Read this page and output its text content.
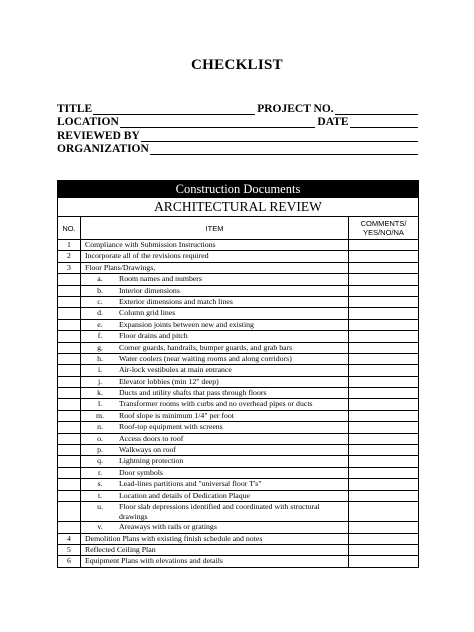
CHECKLIST
TITLE	PROJECT NO.
LOCATION	DATE
REVIEWED BY
ORGANIZATION
Construction Documents
ARCHITECTURAL REVIEW
NO.	ITEM	COMMENTS/ YES/NO/NA
1	Compliance with Submission Instructions
2	Incorporate all of the revisions required
3	Floor Plans/Drawings,
a.	Room names and numbers
b.	Interior dimensions
c.	Exterior dimensions and match lines
d.	Column grid lines
e.	Expansion joints between new and existing
f.	Floor drains and pitch
g.	Corner guards, handrails, bumper guards, and grab bars
h.	Water coolers (near waiting rooms and along corridors)
i.	Air-lock vestibules at main entrance
j.	Elevator lobbies (min 12" deep)
k.	Ducts and utility shafts that pass through floors
l.	Transformer rooms with curbs and no overhead pipes or ducts
m.	Roof slope is minimum 1/4" per foot
n.	Roof-top equipment with screens
o.	Access doors to roof
p.	Walkways on roof
q.	Lightning protection
r.	Door symbols
s.	Lead-lines partitions and "universal floor T's"
t.	Location and details of Dedication Plaque
u.	Floor slab depressions identified and coordinated with structural drawings
v.	Areaways with rails or gratings
4	Demolition Plans with existing finish schedule and notes
5	Reflected Ceiling Plan
6	Equipment Plans with elevations and details
